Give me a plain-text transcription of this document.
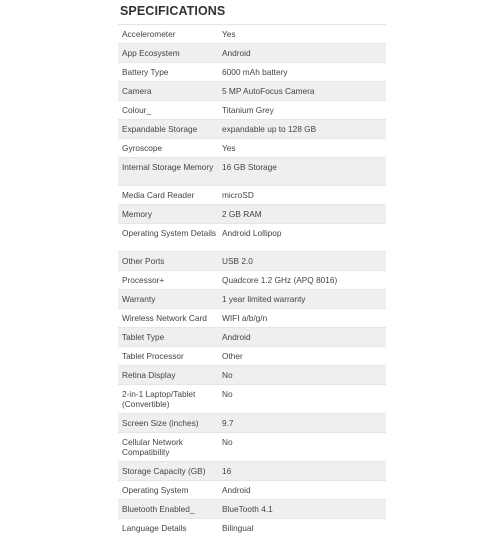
SPECIFICATIONS
Accelerometer	Yes
App Ecosystem	Android
Battery Type	6000 mAh battery
Camera	5 MP AutoFocus Camera
Colour_	Titanium Grey
Expandable Storage	expandable up to 128 GB
Gyroscope	Yes
Internal Storage Memory	16 GB Storage
Media Card Reader	microSD
Memory	2 GB RAM
Operating System Details	Android Lollipop
Other Ports	USB 2.0
Processor+	Quadcore 1.2 GHz (APQ 8016)
Warranty	1 year limited warranty
Wireless Network Card	WIFI a/b/g/n
Tablet Type	Android
Tablet Processor	Other
Retina Display	No
2-in-1 Laptop/Tablet (Convertible)	No
Screen Size (inches)	9.7
Cellular Network Compatibility	No
Storage Capacity (GB)	16
Operating System	Android
Bluetooth Enabled_	BlueTooth 4.1
Language Details	Bilingual
